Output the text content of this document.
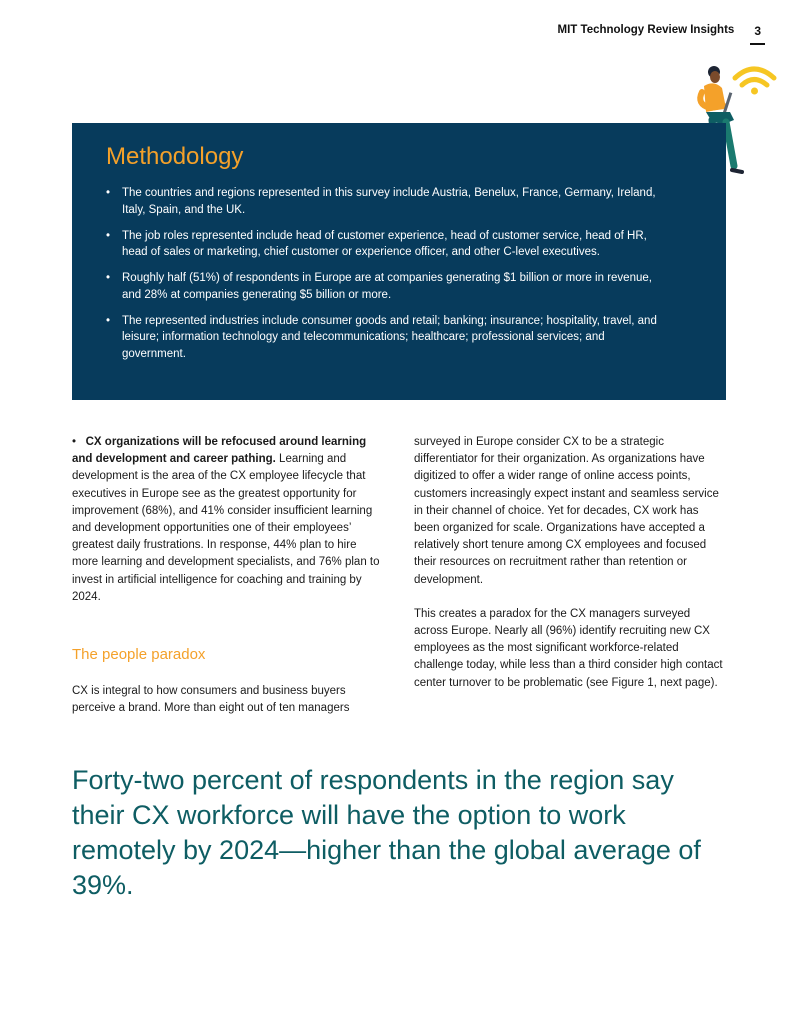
MIT Technology Review Insights 3
Methodology
• The countries and regions represented in this survey include Austria, Benelux, France, Germany, Ireland, Italy, Spain, and the UK.
• The job roles represented include head of customer experience, head of customer service, head of HR, head of sales or marketing, chief customer or experience officer, and other C-level executives.
• Roughly half (51%) of respondents in Europe are at companies generating $1 billion or more in revenue, and 28% at companies generating $5 billion or more.
• The represented industries include consumer goods and retail; banking; insurance; hospitality, travel, and leisure; information technology and telecommunications; healthcare; professional services; and government.

•   CX organizations will be refocused around learning and development and career pathing. Learning and development is the area of the CX employee lifecycle that executives in Europe see as the greatest opportunity for improvement (68%), and 41% consider insufficient learning and development opportunities one of their employees’ greatest daily frustrations. In response, 44% plan to hire more learning and development specialists, and 76% plan to invest in artificial intelligence for coaching and training by 2024.

The people paradox

CX is integral to how consumers and business buyers perceive a brand. More than eight out of ten managers

surveyed in Europe consider CX to be a strategic differentiator for their organization. As organizations have digitized to offer a wider range of online access points, customers increasingly expect instant and seamless service in their channel of choice. Yet for decades, CX work has been organized for scale. Organizations have accepted a relatively short tenure among CX employees and focused their resources on recruitment rather than retention or development.

This creates a paradox for the CX managers surveyed across Europe. Nearly all (96%) identify recruiting new CX employees as the most significant workforce-related challenge today, while less than a third consider high contact center turnover to be problematic (see Figure 1, next page).

Forty-two percent of respondents in the region say their CX workforce will have the option to work remotely by 2024—higher than the global average of 39%.
